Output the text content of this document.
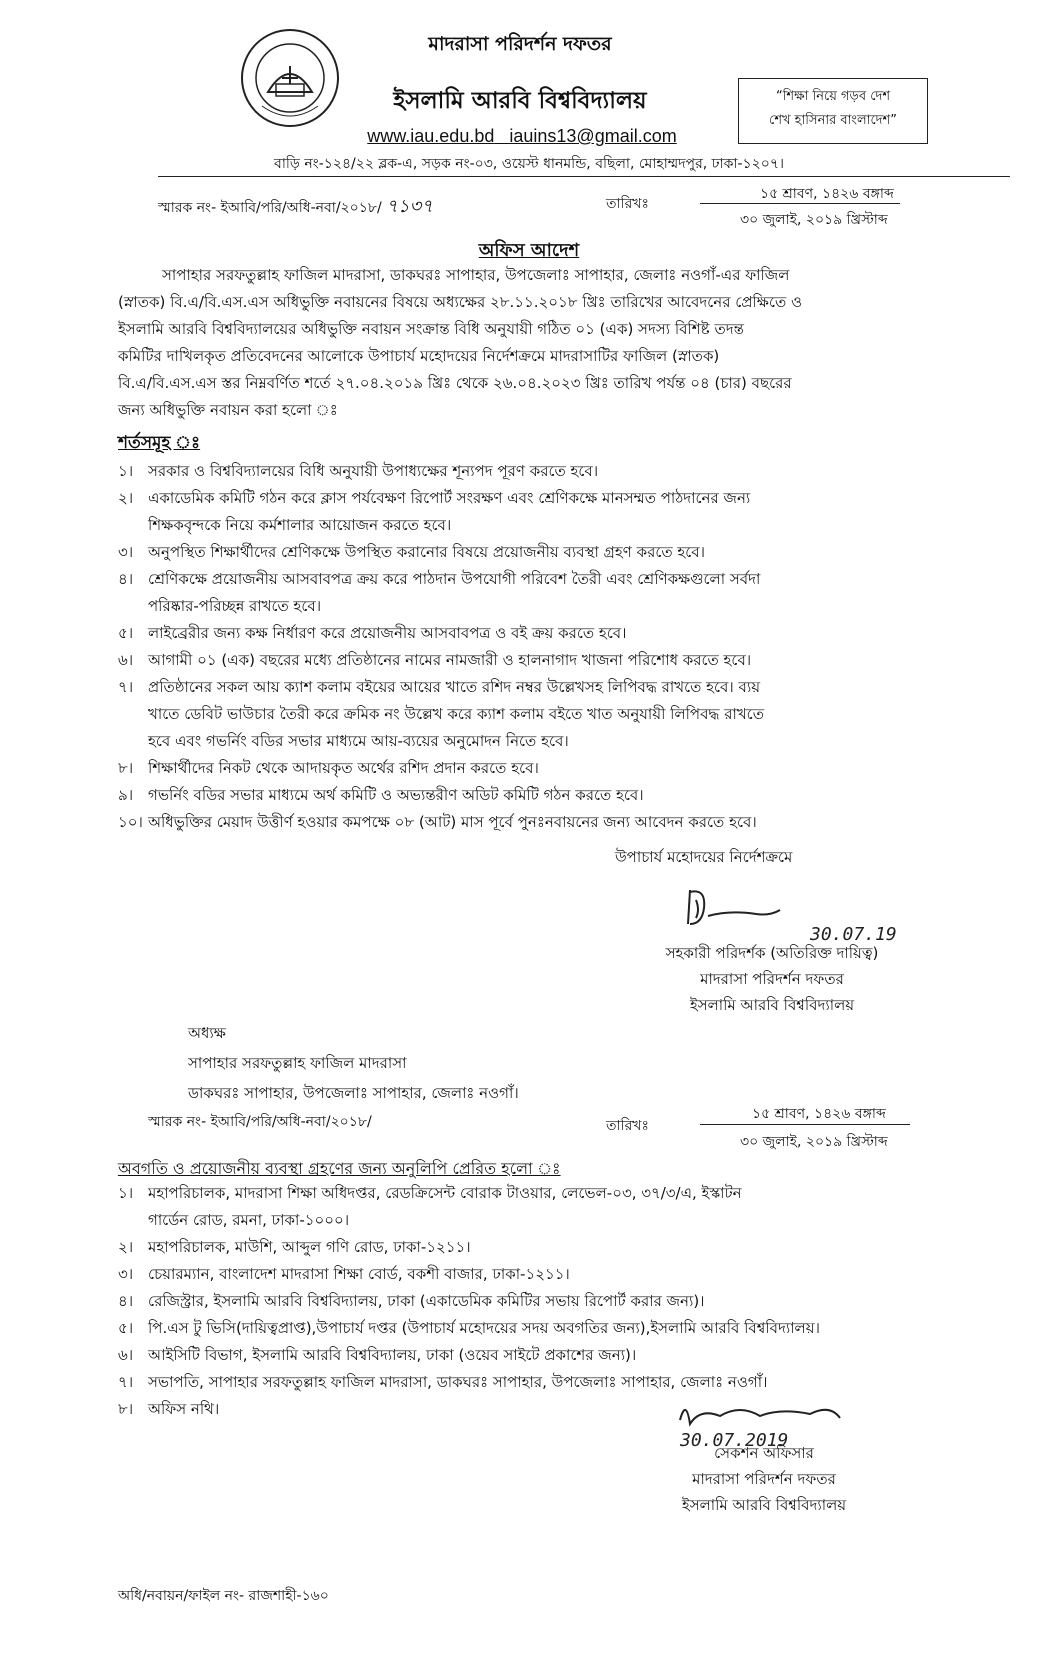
মাদরাসা পরিদর্শন দফতর
ইসলামি আরবি বিশ্ববিদ্যালয়
www.iau.edu.bd iauins13@gmail.com
“শিক্ষা নিয়ে গড়ব দেশ
শেখ হাসিনার বাংলাদেশ”
বাড়ি নং-১২৪/২২ ব্লক-এ, সড়ক নং-০৩, ওয়েস্ট ধানমন্ডি, বছিলা, মোহাম্মদপুর, ঢাকা-১২০৭।
স্মারক নং- ইআবি/পরি/অধি-নবা/২০১৮/ ৭১৩৭	তারিখঃ
১৫ শ্রাবণ, ১৪২৬ বঙ্গাব্দ
৩০ জুলাই, ২০১৯ খ্রিস্টাব্দ
অফিস আদেশ
সাপাহার সরফতুল্লাহ ফাজিল মাদরাসা, ডাকঘরঃ সাপাহার, উপজেলাঃ সাপাহার, জেলাঃ নওগাঁ-এর ফাজিল
(স্নাতক) বি.এ/বি.এস.এস অধিভুক্তি নবায়নের বিষয়ে অধ্যক্ষের ২৮.১১.২০১৮ খ্রিঃ তারিখের আবেদনের প্রেক্ষিতে ও
ইসলামি আরবি বিশ্ববিদ্যালয়ের অধিভুক্তি নবায়ন সংক্রান্ত বিধি অনুযায়ী গঠিত ০১ (এক) সদস্য বিশিষ্ট তদন্ত
কমিটির দাখিলকৃত প্রতিবেদনের আলোকে উপাচার্য মহোদয়ের নির্দেশক্রমে মাদরাসাটির ফাজিল (স্নাতক)
বি.এ/বি.এস.এস স্তর নিম্নবর্ণিত শর্তে ২৭.০৪.২০১৯ খ্রিঃ থেকে ২৬.০৪.২০২৩ খ্রিঃ তারিখ পর্যন্ত ০৪ (চার) বছরের
জন্য অধিভুক্তি নবায়ন করা হলো ঃ
শর্তসমূহ ঃ
১। সরকার ও বিশ্ববিদ্যালয়ের বিধি অনুযায়ী উপাধ্যক্ষের শূন্যপদ পূরণ করতে হবে।
২। একাডেমিক কমিটি গঠন করে ক্লাস পর্যবেক্ষণ রিপোর্ট সংরক্ষণ এবং শ্রেণিকক্ষে মানসম্মত পাঠদানের জন্য
শিক্ষকবৃন্দকে নিয়ে কর্মশালার আয়োজন করতে হবে।
৩। অনুপস্থিত শিক্ষার্থীদের শ্রেণিকক্ষে উপস্থিত করানোর বিষয়ে প্রয়োজনীয় ব্যবস্থা গ্রহণ করতে হবে।
৪। শ্রেণিকক্ষে প্রয়োজনীয় আসবাবপত্র ক্রয় করে পাঠদান উপযোগী পরিবেশ তৈরী এবং শ্রেণিকক্ষগুলো সর্বদা
পরিষ্কার-পরিচ্ছন্ন রাখতে হবে।
৫। লাইব্রেরীর জন্য কক্ষ নির্ধারণ করে প্রয়োজনীয় আসবাবপত্র ও বই ক্রয় করতে হবে।
৬। আগামী ০১ (এক) বছরের মধ্যে প্রতিষ্ঠানের নামের নামজারী ও হালনাগাদ খাজনা পরিশোধ করতে হবে।
৭। প্রতিষ্ঠানের সকল আয় ক্যাশ কলাম বইয়ের আয়ের খাতে রশিদ নম্বর উল্লেখসহ লিপিবদ্ধ রাখতে হবে। ব্যয়
খাতে ডেবিট ভাউচার তৈরী করে ক্রমিক নং উল্লেখ করে ক্যাশ কলাম বইতে খাত অনুযায়ী লিপিবদ্ধ রাখতে
হবে এবং গভর্নিং বডির সভার মাধ্যমে আয়-ব্যয়ের অনুমোদন নিতে হবে।
৮। শিক্ষার্থীদের নিকট থেকে আদায়কৃত অর্থের রশিদ প্রদান করতে হবে।
৯। গভর্নিং বডির সভার মাধ্যমে অর্থ কমিটি ও অভ্যন্তরীণ অডিট কমিটি গঠন করতে হবে।
১০। অধিভুক্তির মেয়াদ উত্তীর্ণ হওয়ার কমপক্ষে ০৮ (আট) মাস পূর্বে পুনঃনবায়নের জন্য আবেদন করতে হবে।
উপাচার্য মহোদয়ের নির্দেশক্রমে
30.07.19
সহকারী পরিদর্শক (অতিরিক্ত দায়িত্ব)
মাদরাসা পরিদর্শন দফতর
ইসলামি আরবি বিশ্ববিদ্যালয়
অধ্যক্ষ
সাপাহার সরফতুল্লাহ ফাজিল মাদরাসা
ডাকঘরঃ সাপাহার, উপজেলাঃ সাপাহার, জেলাঃ নওগাঁ।
স্মারক নং- ইআবি/পরি/অধি-নবা/২০১৮/	তারিখঃ
১৫ শ্রাবণ, ১৪২৬ বঙ্গাব্দ
৩০ জুলাই, ২০১৯ খ্রিস্টাব্দ
অবগতি ও প্রয়োজনীয় ব্যবস্থা গ্রহণের জন্য অনুলিপি প্রেরিত হলো ঃ
১। মহাপরিচালক, মাদরাসা শিক্ষা অধিদপ্তর, রেডক্রিসেন্ট বোরাক টাওয়ার, লেভেল-০৩, ৩৭/৩/এ, ইস্কাটন
গার্ডেন রোড, রমনা, ঢাকা-১০০০।
২। মহাপরিচালক, মাউশি, আব্দুল গণি রোড, ঢাকা-১২১১।
৩। চেয়ারম্যান, বাংলাদেশ মাদরাসা শিক্ষা বোর্ড, বকশী বাজার, ঢাকা-১২১১।
৪। রেজিস্ট্রার, ইসলামি আরবি বিশ্ববিদ্যালয়, ঢাকা (একাডেমিক কমিটির সভায় রিপোর্ট করার জন্য)।
৫। পি.এস টু ভিসি(দায়িত্বপ্রাপ্ত),উপাচার্য দপ্তর (উপাচার্য মহোদয়ের সদয় অবগতির জন্য),ইসলামি আরবি বিশ্ববিদ্যালয়।
৬। আইসিটি বিভাগ, ইসলামি আরবি বিশ্ববিদ্যালয়, ঢাকা (ওয়েব সাইটে প্রকাশের জন্য)।
৭। সভাপতি, সাপাহার সরফতুল্লাহ ফাজিল মাদরাসা, ডাকঘরঃ সাপাহার, উপজেলাঃ সাপাহার, জেলাঃ নওগাঁ।
৮। অফিস নথি।
30.07.2019
সেকশন অফিসার
মাদরাসা পরিদর্শন দফতর
ইসলামি আরবি বিশ্ববিদ্যালয়
অধি/নবায়ন/ফাইল নং- রাজশাহী-১৬০
